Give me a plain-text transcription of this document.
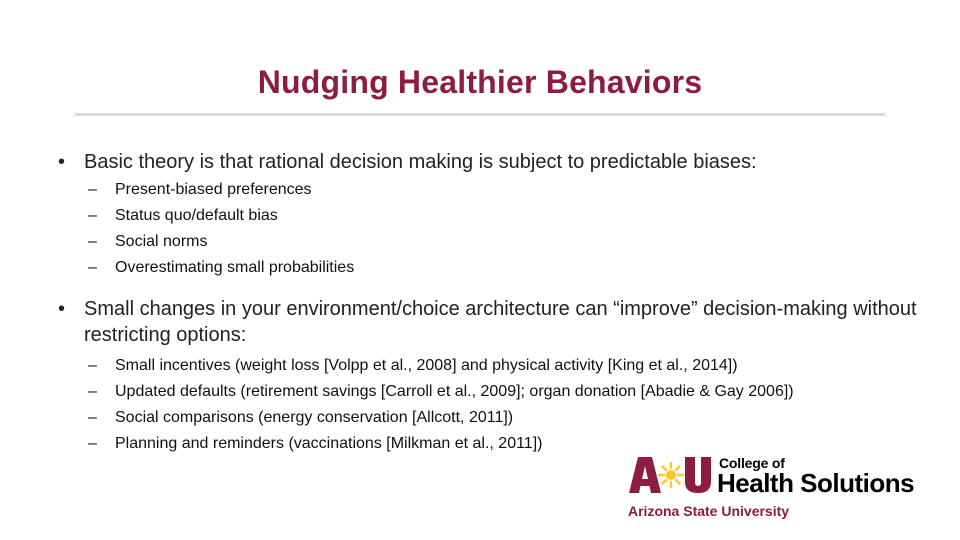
Nudging Healthier Behaviors
• Basic theory is that rational decision making is subject to predictable biases:
– Present-biased preferences
– Status quo/default bias
– Social norms
– Overestimating small probabilities
• Small changes in your environment/choice architecture can “improve” decision-making without restricting options:
– Small incentives (weight loss [Volpp et al., 2008] and physical activity [King et al., 2014])
– Updated defaults (retirement savings [Carroll et al., 2009]; organ donation [Abadie & Gay 2006])
– Social comparisons (energy conservation [Allcott, 2011])
– Planning and reminders (vaccinations [Milkman et al., 2011])
College of
Health Solutions
Arizona State University
